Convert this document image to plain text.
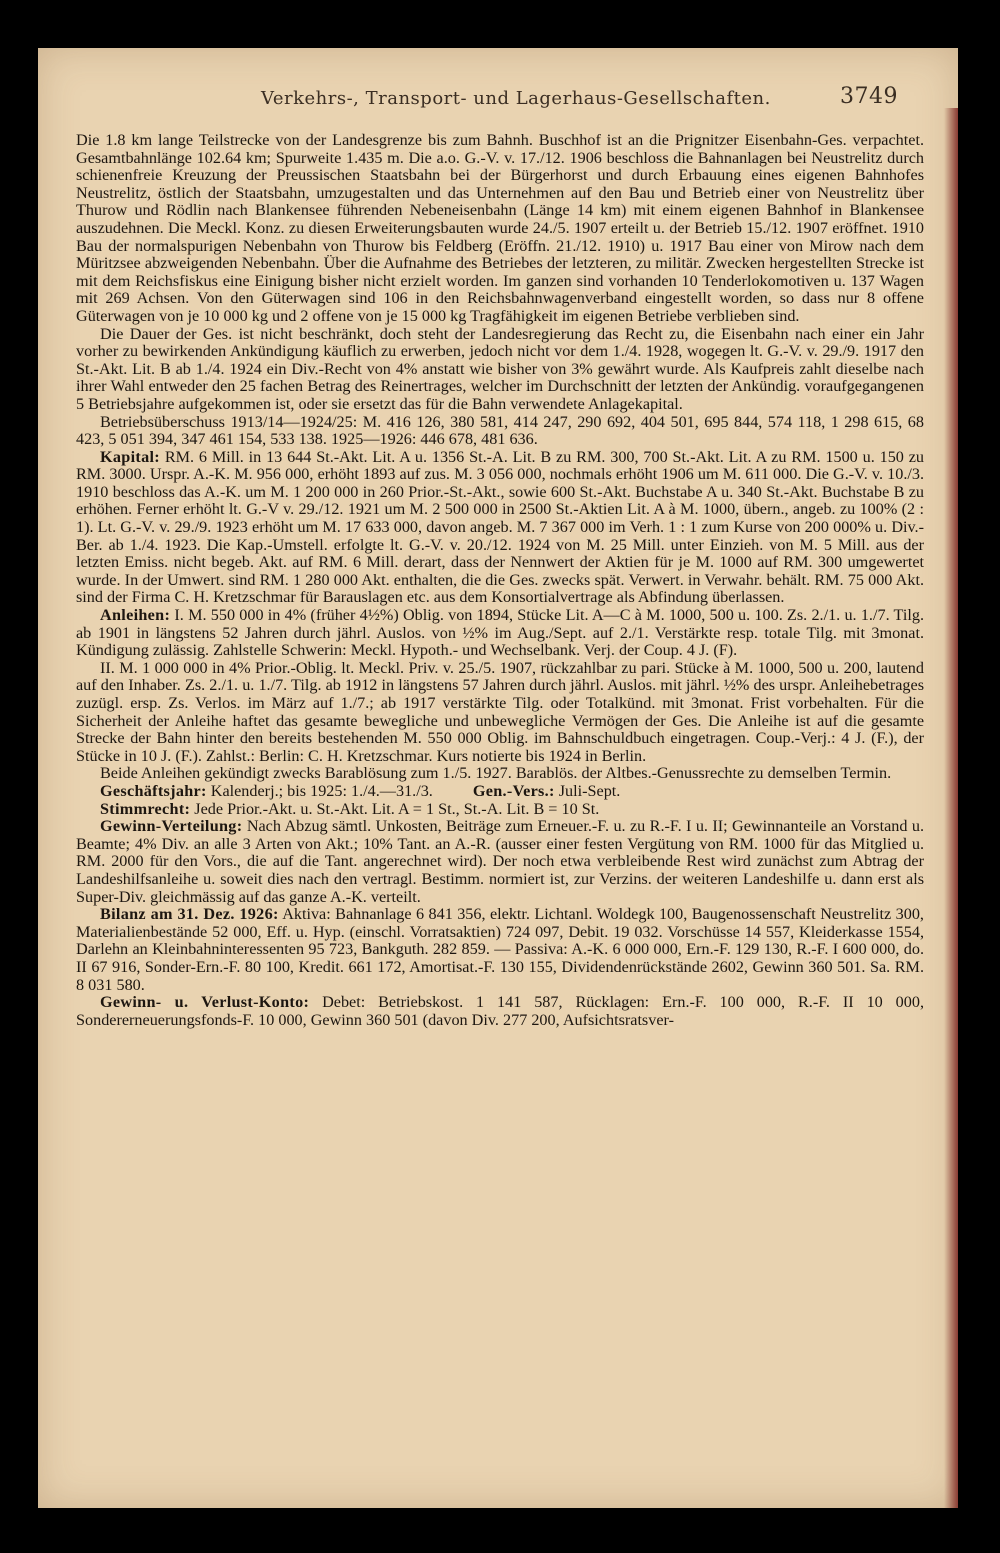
Verkehrs-, Transport- und Lagerhaus-Gesellschaften.	3749

Die 1.8 km lange Teilstrecke von der Landesgrenze bis zum Bahnh. Buschhof ist an die Prignitzer Eisenbahn-Ges. verpachtet. Gesamtbahnlänge 102.64 km; Spurweite 1.435 m. Die a.o. G.-V. v. 17./12. 1906 beschloss die Bahnanlagen bei Neustrelitz durch schienenfreie Kreuzung der Preussischen Staatsbahn bei der Bürgerhorst und durch Erbauung eines eigenen Bahnhofes Neustrelitz, östlich der Staatsbahn, umzugestalten und das Unternehmen auf den Bau und Betrieb einer von Neustrelitz über Thurow und Rödlin nach Blankensee führenden Nebeneisenbahn (Länge 14 km) mit einem eigenen Bahnhof in Blankensee auszudehnen. Die Meckl. Konz. zu diesen Erweiterungsbauten wurde 24./5. 1907 erteilt u. der Betrieb 15./12. 1907 eröffnet. 1910 Bau der normalspurigen Nebenbahn von Thurow bis Feldberg (Eröffn. 21./12. 1910) u. 1917 Bau einer von Mirow nach dem Müritzsee abzweigenden Nebenbahn. Über die Aufnahme des Betriebes der letzteren, zu militär. Zwecken hergestellten Strecke ist mit dem Reichsfiskus eine Einigung bisher nicht erzielt worden. Im ganzen sind vorhanden 10 Tenderlokomotiven u. 137 Wagen mit 269 Achsen. Von den Güterwagen sind 106 in den Reichsbahnwagenverband eingestellt worden, so dass nur 8 offene Güterwagen von je 10 000 kg und 2 offene von je 15 000 kg Tragfähigkeit im eigenen Betriebe verblieben sind.

Die Dauer der Ges. ist nicht beschränkt, doch steht der Landesregierung das Recht zu, die Eisenbahn nach einer ein Jahr vorher zu bewirkenden Ankündigung käuflich zu erwerben, jedoch nicht vor dem 1./4. 1928, wogegen lt. G.-V. v. 29./9. 1917 den St.-Akt. Lit. B ab 1./4. 1924 ein Div.-Recht von 4% anstatt wie bisher von 3% gewährt wurde. Als Kaufpreis zahlt dieselbe nach ihrer Wahl entweder den 25 fachen Betrag des Reinertrages, welcher im Durchschnitt der letzten der Ankündig. voraufgegangenen 5 Betriebsjahre aufgekommen ist, oder sie ersetzt das für die Bahn verwendete Anlagekapital.

Betriebsüberschuss 1913/14—1924/25: M. 416 126, 380 581, 414 247, 290 692, 404 501, 695 844, 574 118, 1 298 615, 68 423, 5 051 394, 347 461 154, 533 138. 1925—1926: 446 678, 481 636.

Kapital: RM. 6 Mill. in 13 644 St.-Akt. Lit. A u. 1356 St.-A. Lit. B zu RM. 300, 700 St.-Akt. Lit. A zu RM. 1500 u. 150 zu RM. 3000. Urspr. A.-K. M. 956 000, erhöht 1893 auf zus. M. 3 056 000, nochmals erhöht 1906 um M. 611 000. Die G.-V. v. 10./3. 1910 beschloss das A.-K. um M. 1 200 000 in 260 Prior.-St.-Akt., sowie 600 St.-Akt. Buchstabe A u. 340 St.-Akt. Buchstabe B zu erhöhen. Ferner erhöht lt. G.-V v. 29./12. 1921 um M. 2 500 000 in 2500 St.-Aktien Lit. A à M. 1000, übern., angeb. zu 100% (2 : 1). Lt. G.-V. v. 29./9. 1923 erhöht um M. 17 633 000, davon angeb. M. 7 367 000 im Verh. 1 : 1 zum Kurse von 200 000% u. Div.-Ber. ab 1./4. 1923. Die Kap.-Umstell. erfolgte lt. G.-V. v. 20./12. 1924 von M. 25 Mill. unter Einzieh. von M. 5 Mill. aus der letzten Emiss. nicht begeb. Akt. auf RM. 6 Mill. derart, dass der Nennwert der Aktien für je M. 1000 auf RM. 300 umgewertet wurde. In der Umwert. sind RM. 1 280 000 Akt. enthalten, die die Ges. zwecks spät. Verwert. in Verwahr. behält. RM. 75 000 Akt. sind der Firma C. H. Kretzschmar für Barauslagen etc. aus dem Konsortialvertrage als Abfindung überlassen.

Anleihen: I. M. 550 000 in 4% (früher 4½%) Oblig. von 1894, Stücke Lit. A—C à M. 1000, 500 u. 100. Zs. 2./1. u. 1./7. Tilg. ab 1901 in längstens 52 Jahren durch jährl. Auslos. von ½% im Aug./Sept. auf 2./1. Verstärkte resp. totale Tilg. mit 3monat. Kündigung zulässig. Zahlstelle Schwerin: Meckl. Hypoth.- und Wechselbank. Verj. der Coup. 4 J. (F).

II. M. 1 000 000 in 4% Prior.-Oblig. lt. Meckl. Priv. v. 25./5. 1907, rückzahlbar zu pari. Stücke à M. 1000, 500 u. 200, lautend auf den Inhaber. Zs. 2./1. u. 1./7. Tilg. ab 1912 in längstens 57 Jahren durch jährl. Auslos. mit jährl. ½% des urspr. Anleihebetrages zuzügl. ersp. Zs. Verlos. im März auf 1./7.; ab 1917 verstärkte Tilg. oder Totalkünd. mit 3monat. Frist vorbehalten. Für die Sicherheit der Anleihe haftet das gesamte bewegliche und unbewegliche Vermögen der Ges. Die Anleihe ist auf die gesamte Strecke der Bahn hinter den bereits bestehenden M. 550 000 Oblig. im Bahnschuldbuch eingetragen. Coup.-Verj.: 4 J. (F.), der Stücke in 10 J. (F.). Zahlst.: Berlin: C. H. Kretzschmar. Kurs notierte bis 1924 in Berlin.

Beide Anleihen gekündigt zwecks Barablösung zum 1./5. 1927. Barablös. der Altbes.-Genussrechte zu demselben Termin.

Geschäftsjahr: Kalenderj.; bis 1925: 1./4.—31./3. Gen.-Vers.: Juli-Sept.

Stimmrecht: Jede Prior.-Akt. u. St.-Akt. Lit. A = 1 St., St.-A. Lit. B = 10 St.

Gewinn-Verteilung: Nach Abzug sämtl. Unkosten, Beiträge zum Erneuer.-F. u. zu R.-F. I u. II; Gewinnanteile an Vorstand u. Beamte; 4% Div. an alle 3 Arten von Akt.; 10% Tant. an A.-R. (ausser einer festen Vergütung von RM. 1000 für das Mitglied u. RM. 2000 für den Vors., die auf die Tant. angerechnet wird). Der noch etwa verbleibende Rest wird zunächst zum Abtrag der Landeshilfsanleihe u. soweit dies nach den vertragl. Bestimm. normiert ist, zur Verzins. der weiteren Landeshilfe u. dann erst als Super-Div. gleichmässig auf das ganze A.-K. verteilt.

Bilanz am 31. Dez. 1926: Aktiva: Bahnanlage 6 841 356, elektr. Lichtanl. Woldegk 100, Baugenossenschaft Neustrelitz 300, Materialienbestände 52 000, Eff. u. Hyp. (einschl. Vorratsaktien) 724 097, Debit. 19 032. Vorschüsse 14 557, Kleiderkasse 1554, Darlehn an Kleinbahninteressenten 95 723, Bankguth. 282 859. — Passiva: A.-K. 6 000 000, Ern.-F. 129 130, R.-F. I 600 000, do. II 67 916, Sonder-Ern.-F. 80 100, Kredit. 661 172, Amortisat.-F. 130 155, Dividendenrückstände 2602, Gewinn 360 501. Sa. RM. 8 031 580.

Gewinn- u. Verlust-Konto: Debet: Betriebskost. 1 141 587, Rücklagen: Ern.-F. 100 000, R.-F. II 10 000, Sondererneuerungsfonds-F. 10 000, Gewinn 360 501 (davon Div. 277 200, Aufsichtsratsver-
